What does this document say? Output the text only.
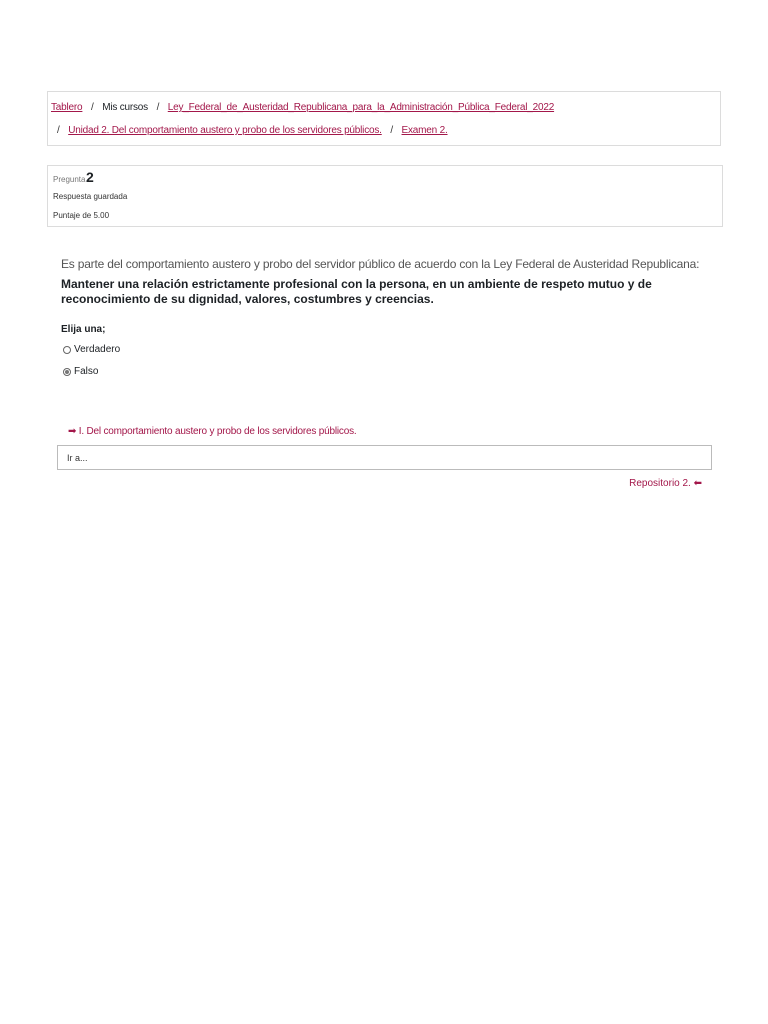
Tablero / Mis cursos / Ley_Federal_de_Austeridad_Republicana_para_la_Administración_Pública_Federal_2022
/ Unidad 2. Del comportamiento austero y probo de los servidores públicos. / Examen 2.
Pregunta 2
Respuesta guardada
Puntaje de 5.00
Es parte del comportamiento austero y probo del servidor público de acuerdo con la Ley Federal de Austeridad Republicana:
Mantener una relación estrictamente profesional con la persona, en un ambiente de respeto mutuo y de reconocimiento de su dignidad, valores, costumbres y creencias.
Elija una;
Verdadero
Falso
➡ I. Del comportamiento austero y probo de los servidores públicos.
Ir a...
Repositorio 2. ⬅
